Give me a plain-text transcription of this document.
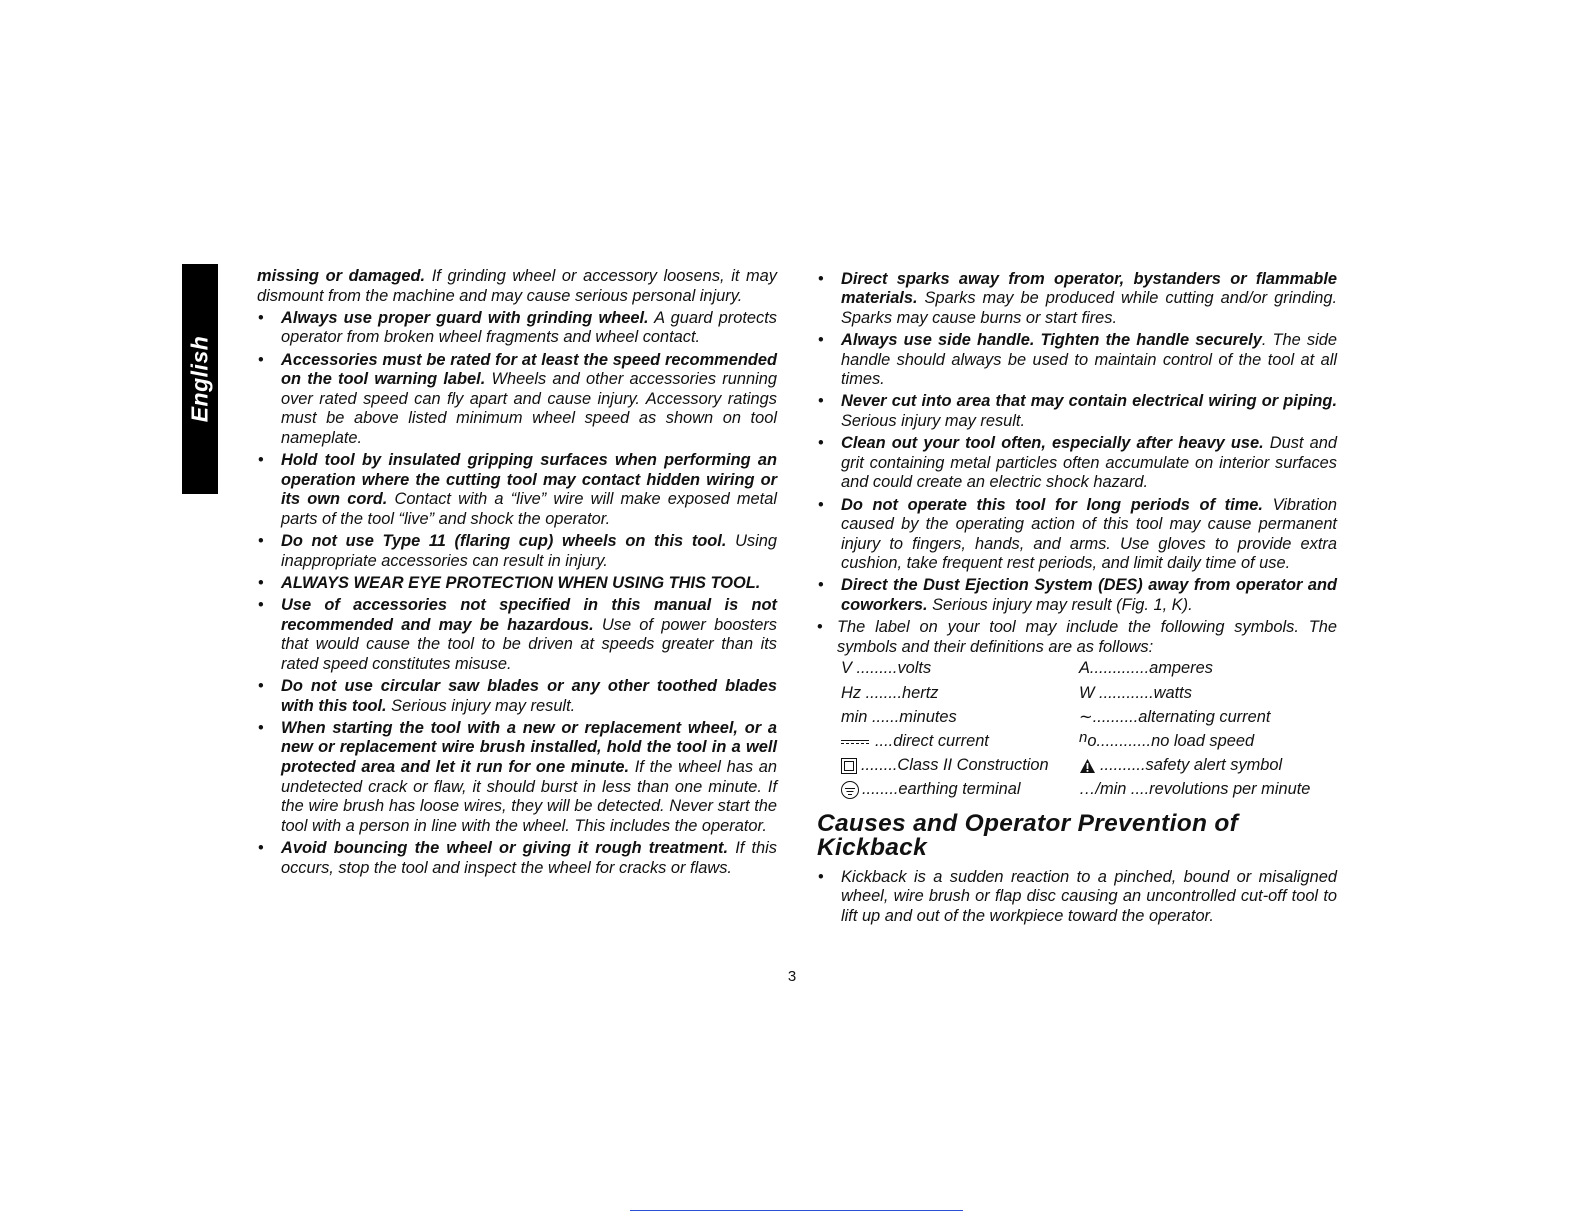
English

missing or damaged. If grinding wheel or accessory loosens, it may dismount from the machine and may cause serious personal injury.

• Always use proper guard with grinding wheel. A guard protects operator from broken wheel fragments and wheel contact.
• Accessories must be rated for at least the speed recommended on the tool warning label. Wheels and other accessories running over rated speed can fly apart and cause injury. Accessory ratings must be above listed minimum wheel speed as shown on tool nameplate.
• Hold tool by insulated gripping surfaces when performing an operation where the cutting tool may contact hidden wiring or its own cord. Contact with a “live” wire will make exposed metal parts of the tool “live” and shock the operator.
• Do not use Type 11 (flaring cup) wheels on this tool. Using inappropriate accessories can result in injury.
• ALWAYS WEAR EYE PROTECTION WHEN USING THIS TOOL.
• Use of accessories not specified in this manual is not recommended and may be hazardous. Use of power boosters that would cause the tool to be driven at speeds greater than its rated speed constitutes misuse.
• Do not use circular saw blades or any other toothed blades with this tool. Serious injury may result.
• When starting the tool with a new or replacement wheel, or a new or replacement wire brush installed, hold the tool in a well protected area and let it run for one minute. If the wheel has an undetected crack or flaw, it should burst in less than one minute. If the wire brush has loose wires, they will be detected. Never start the tool with a person in line with the wheel. This includes the operator.
• Avoid bouncing the wheel or giving it rough treatment. If this occurs, stop the tool and inspect the wheel for cracks or flaws.
• Direct sparks away from operator, bystanders or flammable materials. Sparks may be produced while cutting and/or grinding. Sparks may cause burns or start fires.
• Always use side handle. Tighten the handle securely. The side handle should always be used to maintain control of the tool at all times.
• Never cut into area that may contain electrical wiring or piping. Serious injury may result.
• Clean out your tool often, especially after heavy use. Dust and grit containing metal particles often accumulate on interior surfaces and could create an electric shock hazard.
• Do not operate this tool for long periods of time. Vibration caused by the operating action of this tool may cause permanent injury to fingers, hands, and arms. Use gloves to provide extra cushion, take frequent rest periods, and limit daily time of use.
• Direct the Dust Ejection System (DES) away from operator and coworkers. Serious injury may result (Fig. 1, K).
• The label on your tool may include the following symbols. The symbols and their definitions are as follows:
V .........volts	A.............amperes
Hz ........hertz	W ............watts
min ......minutes	∼ ..........alternating current
....direct current	n o............no load speed
........Class II Construction	..........safety alert symbol
........earthing terminal	…/min ....revolutions per minute
Causes and Operator Prevention of Kickback
• Kickback is a sudden reaction to a pinched, bound or misaligned wheel, wire brush or flap disc causing an uncontrolled cut-off tool to lift up and out of the workpiece toward the operator.
3
